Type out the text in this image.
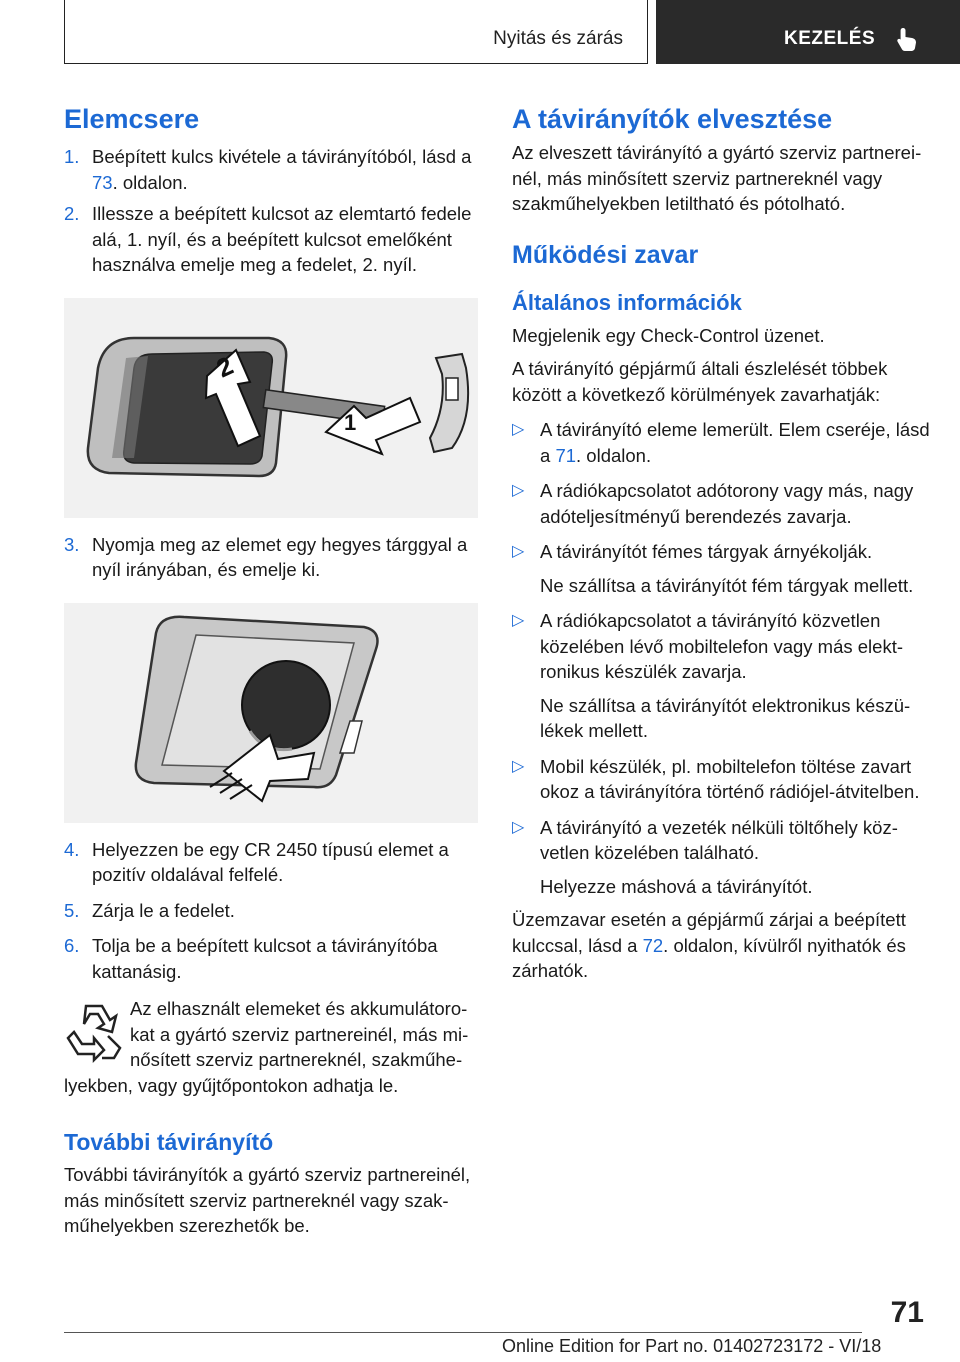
Nyitás és zárás	KEZELÉS
Elemcsere
1. Beépített kulcs kivétele a távirányítóból, lásd a 73. oldalon.
2. Illessze a beépített kulcsot az elemtartó fedele alá, 1. nyíl, és a beépített kulcsot emelőként használva emelje meg a fedelet, 2. nyíl.
2
1
3. Nyomja meg az elemet egy hegyes tárggyal a nyíl irányában, és emelje ki.
4. Helyezzen be egy CR 2450 típusú elemet a pozitív oldalával felfelé.
5. Zárja le a fedelet.
6. Tolja be a beépített kulcsot a távirányítóba kattanásig.
Az elhasznált elemeket és akkumulátorokat a gyártó szerviz partnereinél, más minősített szerviz partnereknél, szakműhelyekben, vagy gyűjtőpontokon adhatja le.
További távirányító

További távirányítók a gyártó szerviz partnereinél, más minősített szerviz partnereknél vagy szakműhelyekben szerezhetők be.

A távirányítók elvesztése

Az elveszett távirányító a gyártó szerviz partnereinél, más minősített szerviz partnereknél vagy szakműhelyekben letiltható és pótolható.

Működési zavar
Általános információk

Megjelenik egy Check-Control üzenet.

A távirányító gépjármű általi észlelését többek között a következő körülmények zavarhatják:

▷ A távirányító eleme lemerült. Elem cseréje, lásd a 71. oldalon.
▷ A rádiókapcsolatot adótorony vagy más, nagy adóteljesítményű berendezés zavarja.
▷ A távirányítót fémes tárgyak árnyékolják.
Ne szállítsa a távirányítót fém tárgyak mellett.
▷ A rádiókapcsolatot a távirányító közvetlen közelében lévő mobiltelefon vagy más elektronikus készülék zavarja.
Ne szállítsa a távirányítót elektronikus készülékek mellett.
▷ Mobil készülék, pl. mobiltelefon töltése zavart okoz a távirányítóra történő rádiójel-átvitelben.
▷ A távirányító a vezeték nélküli töltőhely közvetlen közelében található.
Helyezze máshová a távirányítót.

Üzemzavar esetén a gépjármű zárjai a beépített kulccsal, lásd a 72. oldalon, kívülről nyithatók és zárhatók.

71
Online Edition for Part no. 01402723172 - VI/18
